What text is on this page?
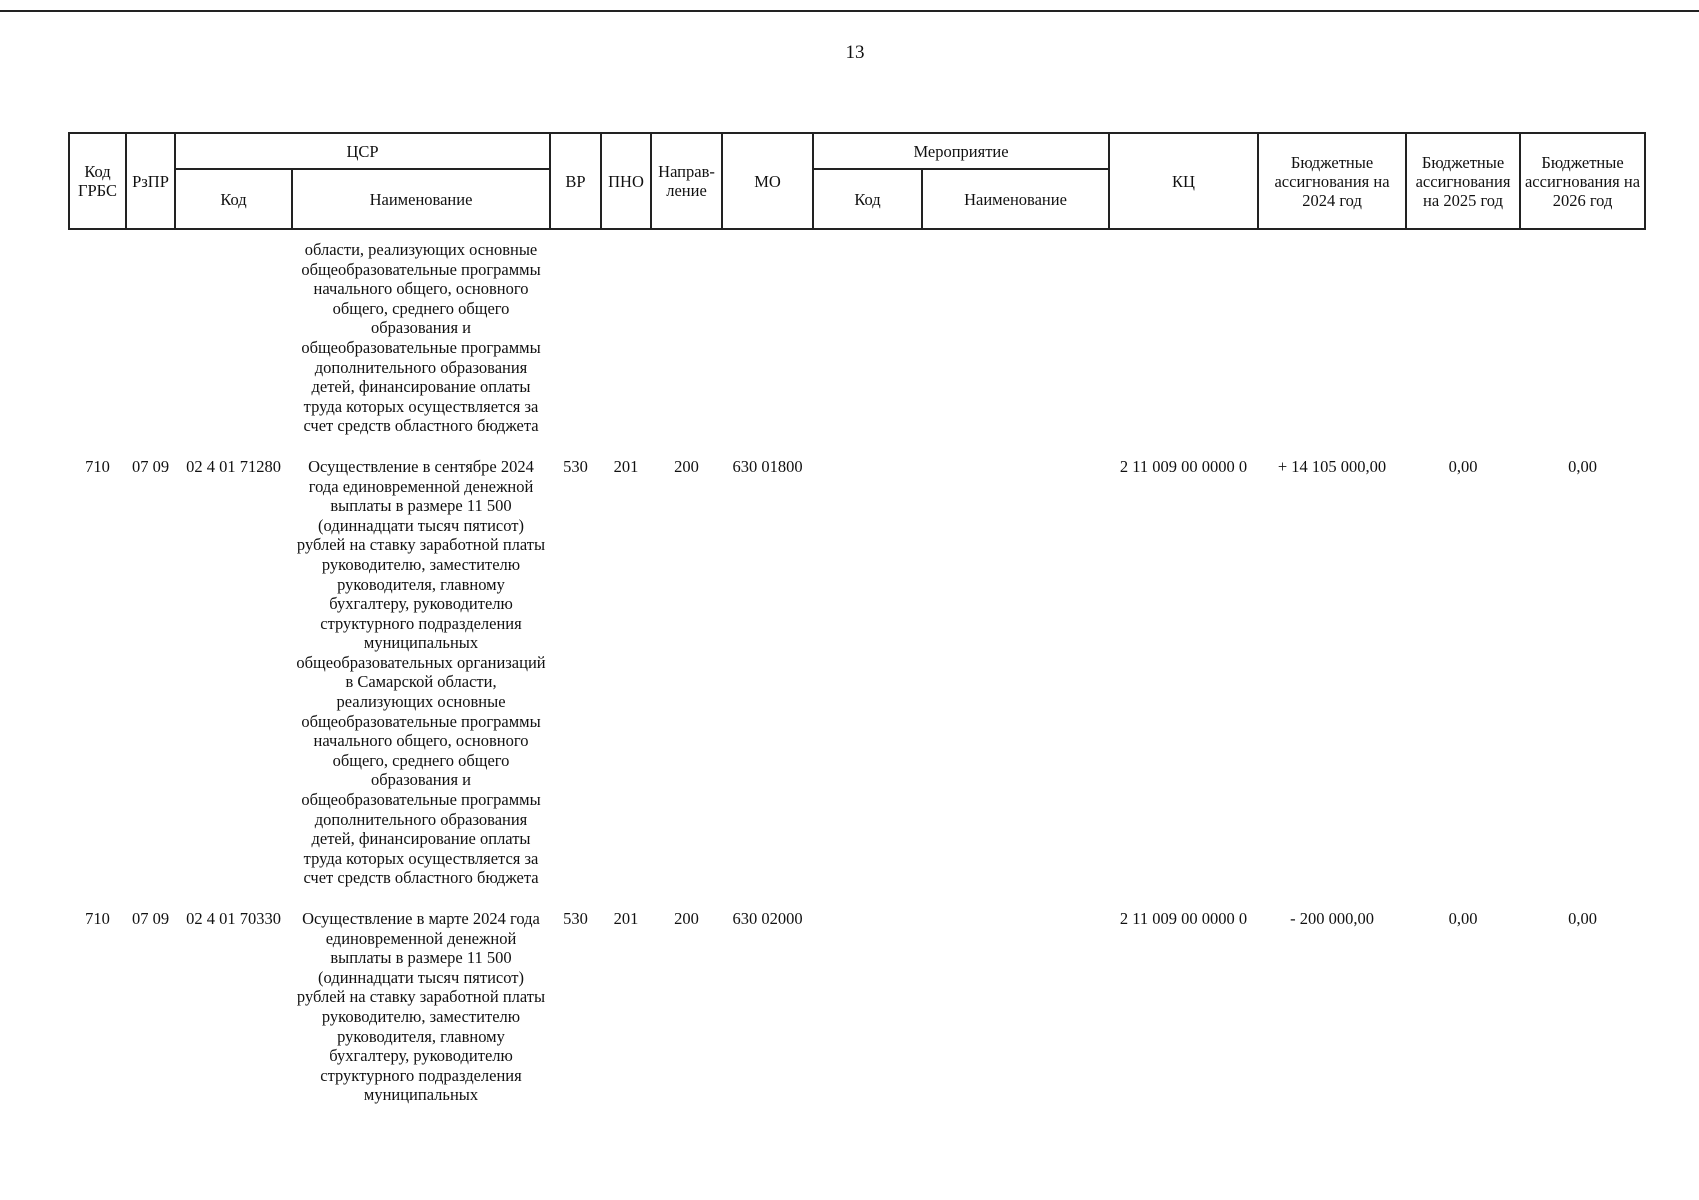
13
Код ГРБС	РзПР	ЦСР		ВР	ПНО	Направ-ление	МО	Мероприятие		КЦ	Бюджетные ассигнования на 2024 год	Бюджетные ассигнования на 2025 год	Бюджетные ассигнования на 2026 год
		Код	Наименование					Код	Наименование				
			области, реализующих основные общеобразовательные программы начального общего, основного общего, среднего общего образования и общеобразовательные программы дополнительного образования детей, финансирование оплаты труда которых осуществляется за счет средств областного бюджета										
710	07 09	02 4 01 71280	Осуществление в сентябре 2024 года единовременной денежной выплаты в размере 11 500 (одиннадцати тысяч пятисот) рублей на ставку заработной платы руководителю, заместителю руководителя, главному бухгалтеру, руководителю структурного подразделения муниципальных общеобразовательных организаций в Самарской области, реализующих основные общеобразовательные программы начального общего, основного общего, среднего общего образования и общеобразовательные программы дополнительного образования детей, финансирование оплаты труда которых осуществляется за счет средств областного бюджета	530	201	200	630 01800			2 11 009 00 0000 0	+ 14 105 000,00	0,00	0,00
710	07 09	02 4 01 70330	Осуществление в марте 2024 года единовременной денежной выплаты в размере 11 500 (одиннадцати тысяч пятисот) рублей на ставку заработной платы руководителю, заместителю руководителя, главному бухгалтеру, руководителю структурного подразделения муниципальных	530	201	200	630 02000			2 11 009 00 0000 0	- 200 000,00	0,00	0,00
